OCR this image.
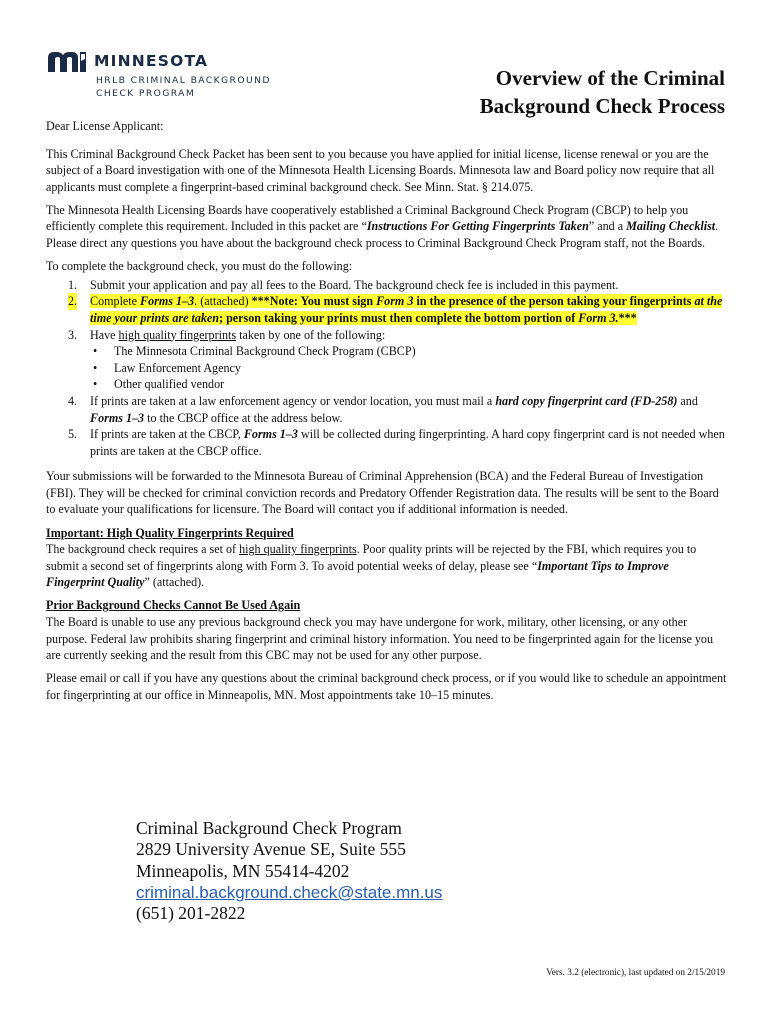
MINNESOTA
HRLB CRIMINAL BACKGROUND
CHECK PROGRAM
Overview of the Criminal
Background Check Process

Dear License Applicant:

This Criminal Background Check Packet has been sent to you because you have applied for initial license, license renewal or you are the subject of a Board investigation with one of the Minnesota Health Licensing Boards. Minnesota law and Board policy now require that all applicants must complete a fingerprint-based criminal background check. See Minn. Stat. § 214.075.

The Minnesota Health Licensing Boards have cooperatively established a Criminal Background Check Program (CBCP) to help you efficiently complete this requirement. Included in this packet are “Instructions For Getting Fingerprints Taken” and a Mailing Checklist. Please direct any questions you have about the background check process to Criminal Background Check Program staff, not the Boards.

To complete the background check, you must do the following:

1. Submit your application and pay all fees to the Board. The background check fee is included in this payment.
2. Complete Forms 1–3. (attached) ***Note: You must sign Form 3 in the presence of the person taking your fingerprints at the time your prints are taken; person taking your prints must then complete the bottom portion of Form 3.***
3. Have high quality fingerprints taken by one of the following:
• The Minnesota Criminal Background Check Program (CBCP)
• Law Enforcement Agency
• Other qualified vendor
4. If prints are taken at a law enforcement agency or vendor location, you must mail a hard copy fingerprint card (FD-258) and Forms 1–3 to the CBCP office at the address below.
5. If prints are taken at the CBCP, Forms 1–3 will be collected during fingerprinting. A hard copy fingerprint card is not needed when prints are taken at the CBCP office.

Your submissions will be forwarded to the Minnesota Bureau of Criminal Apprehension (BCA) and the Federal Bureau of Investigation (FBI). They will be checked for criminal conviction records and Predatory Offender Registration data. The results will be sent to the Board to evaluate your qualifications for licensure. The Board will contact you if additional information is needed.

Important: High Quality Fingerprints Required
The background check requires a set of high quality fingerprints. Poor quality prints will be rejected by the FBI, which requires you to submit a second set of fingerprints along with Form 3. To avoid potential weeks of delay, please see “Important Tips to Improve Fingerprint Quality” (attached).

Prior Background Checks Cannot Be Used Again
The Board is unable to use any previous background check you may have undergone for work, military, other licensing, or any other purpose. Federal law prohibits sharing fingerprint and criminal history information. You need to be fingerprinted again for the license you are currently seeking and the result from this CBC may not be used for any other purpose.

Please email or call if you have any questions about the criminal background check process, or if you would like to schedule an appointment for fingerprinting at our office in Minneapolis, MN. Most appointments take 10–15 minutes.

Criminal Background Check Program
2829 University Avenue SE, Suite 555
Minneapolis, MN 55414-4202
criminal.background.check@state.mn.us
(651) 201-2822
Vers. 3.2 (electronic), last updated on 2/15/2019
